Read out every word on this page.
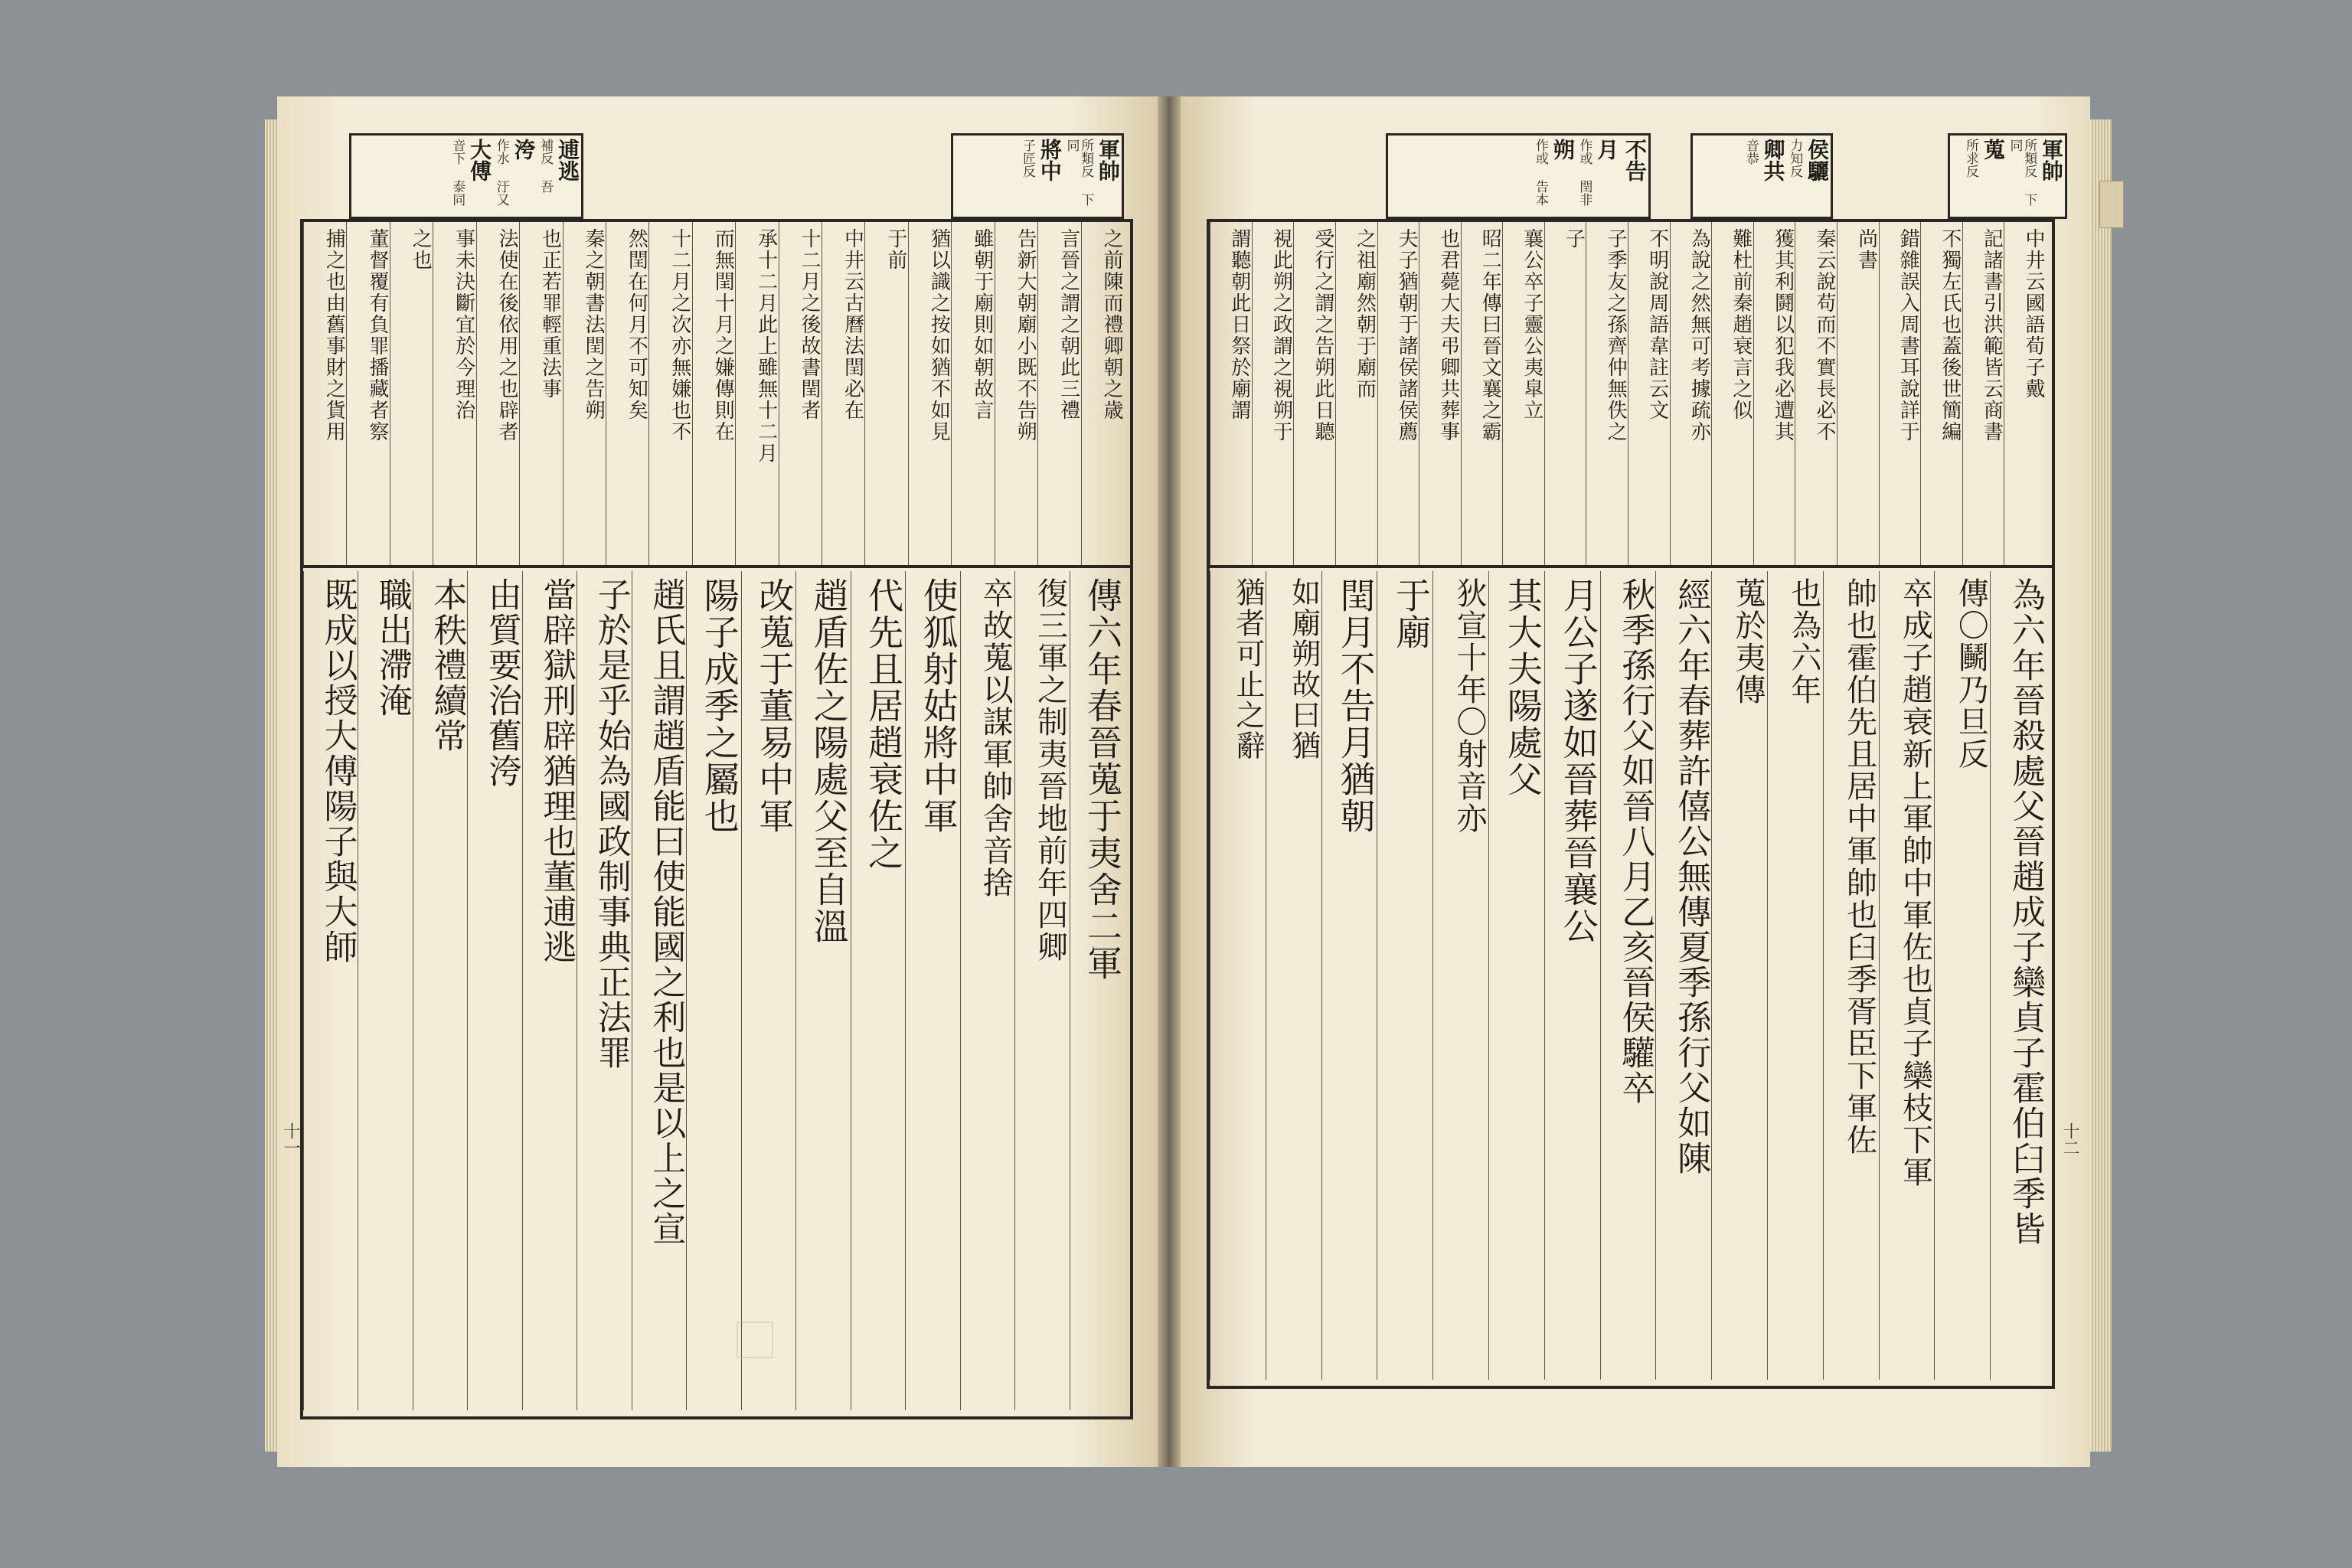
軍帥
所類反 下同
將中
子匠反
逋逃
補反 吾
洿
作水 汙又
大傅
音下 泰同
之前陳而禮卿朝之歳
言晉之謂之朝此三禮
告新大朝廟小既不告朔
雖朝于廟則如朝故言
猶以識之按如猶不如見
于前
中井云古曆法閏必在
十二月之後故書閏者
承十二月此上雖無十二月
而無閏十月之嫌傳則在
十二月之次亦無嫌也不
然閏在何月不可知矣
秦之朝書法閏之告朔
也正若罪輕重法事
法使在後依用之也辟者
事未決斷宜於今理治
之也
董督覆有負罪播藏者察
捕之也由舊事財之貨用
傳六年春晉蒐于夷舍二軍
復三軍之制夷晉地前年四卿
卒故蒐以謀軍帥舍音捨
使狐射姑將中軍
代先且居趙衰佐之
趙盾佐之陽處父至自溫
改蒐于董易中軍
陽子成季之屬也
趙氏且謂趙盾能曰使能國之利也是以上之宣
子於是乎始為國政制事典正法罪
當辟獄刑辟猶理也董逋逃
由質要治舊洿
本秩禮續常
職出滯淹
既成以授大傅陽子與大師
十一
軍帥
所類反 下同
蒐
所求反
侯驪
力知反
卿共
音恭
不告
月
作或 閏非
朔
作或 告本
中井云國語荀子戴
記諸書引洪範皆云商書
不獨左氏也蓋後世簡編
錯雜誤入周書耳說詳于
尚書
秦云說苟而不實長必不
獲其利鬪以犯我必遭其
難杜前秦趙衰言之似
為說之然無可考據疏亦
不明說周語韋註云文
子季友之孫齊仲無佚之
子
襄公卒子靈公夷皐立
昭二年傳曰晉文襄之霸
也君薨大夫弔卿共葬事
夫子猶朝于諸侯諸侯薦
之祖廟然朝于廟而
受行之謂之告朔此日聽
視此朔之政謂之視朔于
謂聽朝此日祭於廟謂
為六年晉殺處父晉趙成子欒貞子霍伯臼季皆
傳〇鬭乃旦反
卒成子趙衰新上軍帥中軍佐也貞子欒枝下軍
帥也霍伯先且居中軍帥也臼季胥臣下軍佐
也為六年
蒐於夷傳
經六年春葬許僖公無傳夏季孫行父如陳
秋季孫行父如晉八月乙亥晉侯驩卒
月公子遂如晉葬晉襄公
其大夫陽處父
狄宣十年〇射音亦
于廟
閏月不告月猶朝
如廟朔故曰猶
猶者可止之辭
十二
